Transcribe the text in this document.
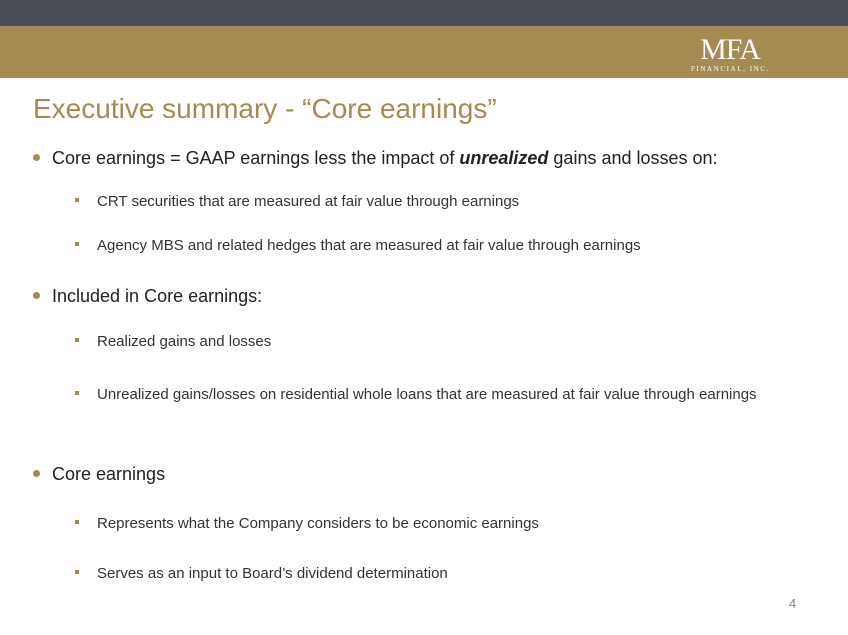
MFA
FINANCIAL, INC.
Executive summary - “Core earnings”
Core earnings = GAAP earnings less the impact of unrealized gains and losses on:
CRT securities that are measured at fair value through earnings
Agency MBS and related hedges that are measured at fair value through earnings
Included in Core earnings:
Realized gains and losses
Unrealized gains/losses on residential whole loans that are measured at fair value through earnings
Core earnings
Represents what the Company considers to be economic earnings
Serves as an input to Board’s dividend determination
4
